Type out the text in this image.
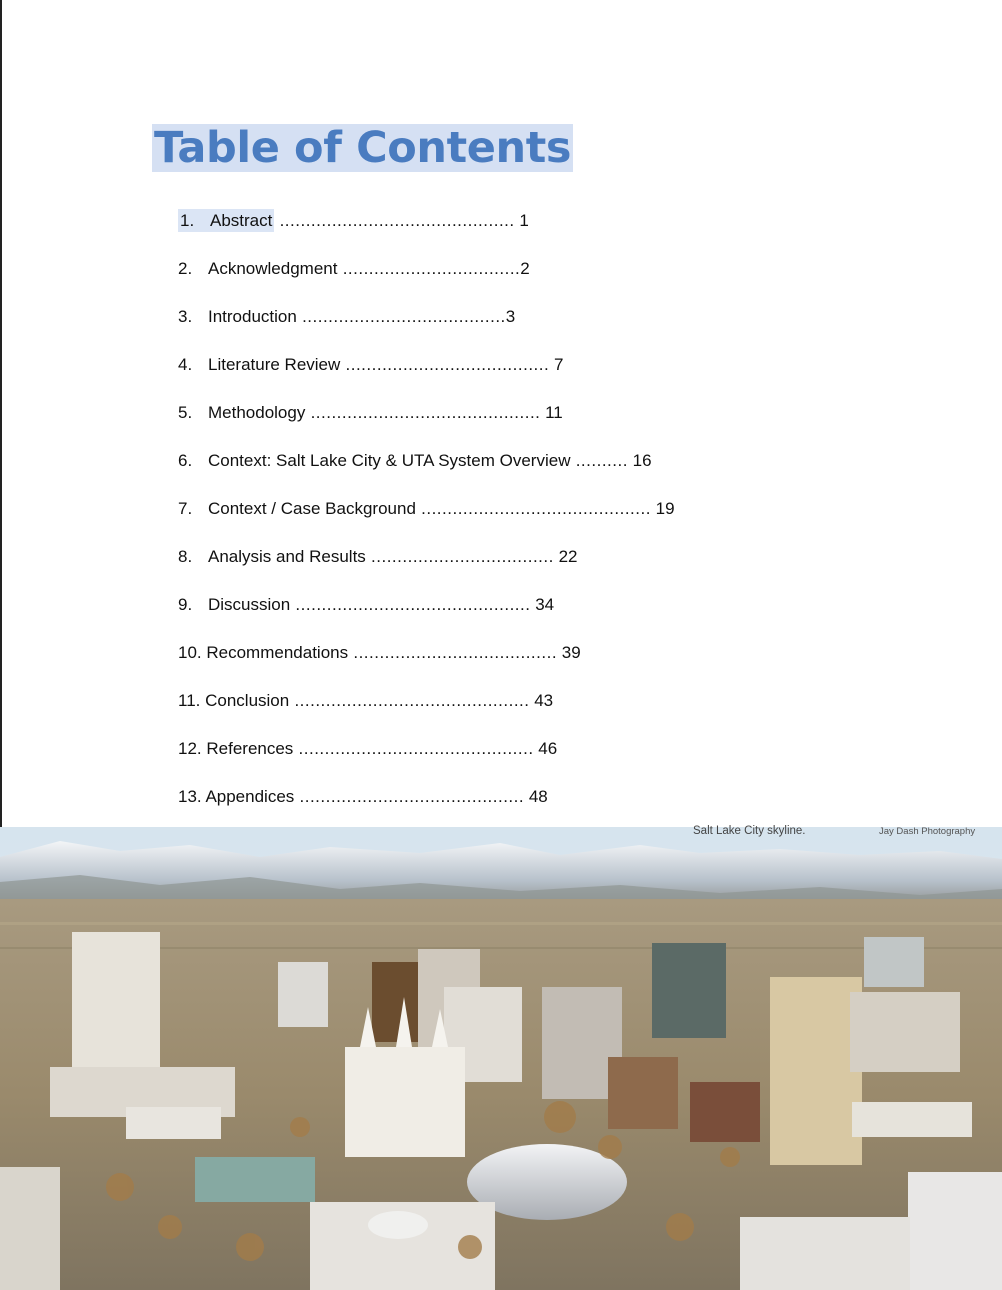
Table of Contents
1. Abstract ............................................. 1
2. Acknowledgment ..................................2
3. Introduction .......................................3
4. Literature Review ....................................... 7
5. Methodology ............................................ 11
6. Context: Salt Lake City & UTA System Overview .......... 16
7. Context / Case Background ............................................ 19
8. Analysis and Results ................................... 22
9. Discussion ............................................. 34
10. Recommendations ....................................... 39
11. Conclusion ............................................. 43
12. References ............................................. 46
13. Appendices ........................................... 48
Salt Lake City skyline.	Jay Dash Photography
